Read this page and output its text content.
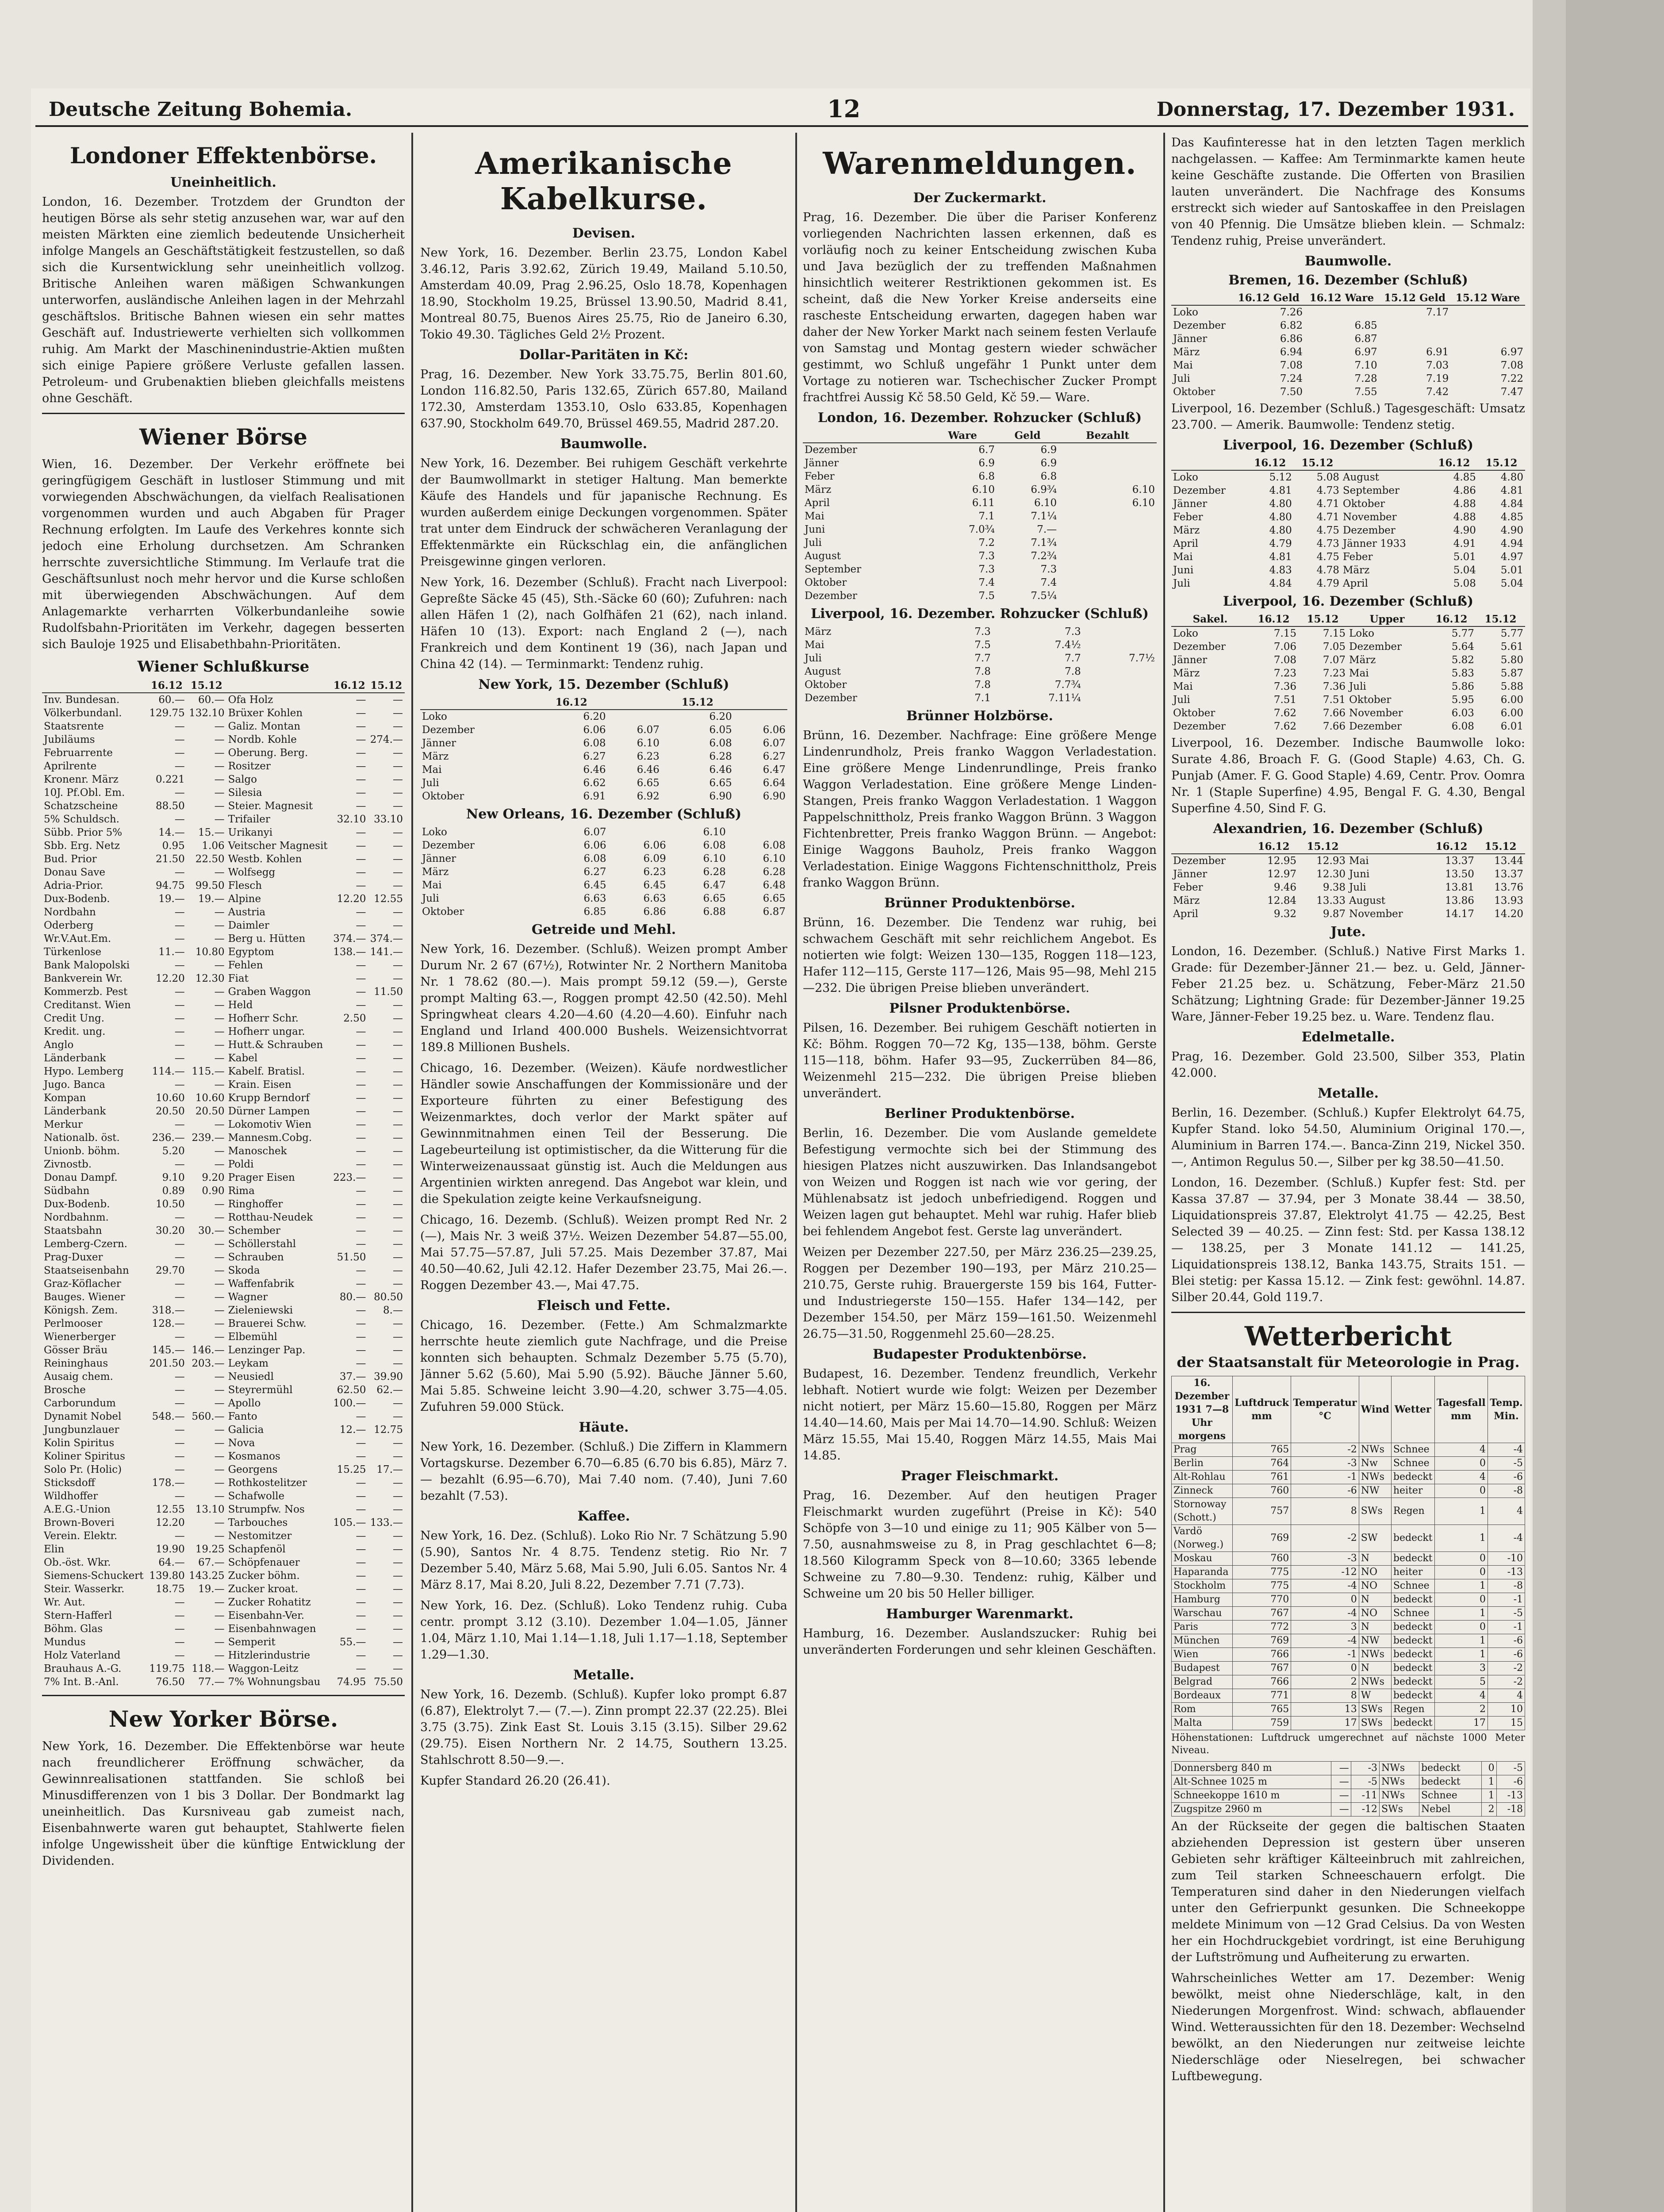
Deutsche Zeitung Bohemia.	12	Donnerstag, 17. Dezember 1931.
Londoner Effektenbörse.
Uneinheitlich.
London, 16. Dezember. Trotzdem der Grundton der heutigen Börse als sehr stetig anzusehen war, war auf den meisten Märkten eine ziemlich bedeutende Unsicherheit infolge Mangels an Geschäftstätigkeit festzustellen, so daß sich die Kursentwicklung sehr uneinheitlich vollzog. Britische Anleihen waren mäßigen Schwankungen unterworfen, ausländische Anleihen lagen in der Mehrzahl geschäftslos. Britische Bahnen wiesen ein sehr mattes Geschäft auf. Industriewerte verhielten sich vollkommen ruhig. Am Markt der Maschinenindustrie-Aktien mußten sich einige Papiere größere Verluste gefallen lassen. Petroleum- und Grubenaktien blieben gleichfalls meistens ohne Geschäft.
Wiener Börse
Wien, 16. Dezember. Der Verkehr eröffnete bei geringfügigem Geschäft in lustloser Stimmung und mit vorwiegenden Abschwächungen, da vielfach Realisationen vorgenommen wurden und auch Abgaben für Prager Rechnung erfolgten. Im Laufe des Verkehres konnte sich jedoch eine Erholung durchsetzen. Am Schranken herrschte zuversichtliche Stimmung. Im Verlaufe trat die Geschäftsunlust noch mehr hervor und die Kurse schloßen mit überwiegenden Abschwächungen. Auf dem Anlagemarkte verharrten Völkerbundanleihe sowie Rudolfsbahn-Prioritäten im Verkehr, dagegen besserten sich Bauloje 1925 und Elisabethbahn-Prioritäten.
Wiener Schlußkurse
	16.12	15.12		16.12	15.12
Inv. Bundesan.	60.—	60.—	Ofa Holz	—	—
Völkerbundanl.	129.75	132.10	Brüxer Kohlen	—	—
Staatsrente	—	—	Galiz. Montan	—	—
Jubiläums	—	—	Nordb. Kohle	—	274.—
Februarrente	—	—	Oberung. Berg.	—	—
Aprilrente	—	—	Rositzer	—	—
Kronenr. März	0.221	—	Salgo	—	—
10J. Pf.Obl. Em.	—	—	Silesia	—	—
Schatzscheine	88.50	—	Steier. Magnesit	—	—
5% Schuldsch.	—	—	Trifailer	32.10	33.10
Sübb. Prior 5%	14.—	15.—	Urikanyi	—	—
Sbb. Erg. Netz	0.95	1.06	Veitscher Magnesit	—	—
Bud. Prior	21.50	22.50	Westb. Kohlen	—	—
Donau Save	—	—	Wolfsegg	—	—
Adria-Prior.	94.75	99.50	Flesch	—	—
Dux-Bodenb.	19.—	19.—	Alpine	12.20	12.55
Nordbahn	—	—	Austria	—	—
Oderberg	—	—	Daimler	—	—
Wr.V.Aut.Em.	—	—	Berg u. Hütten	374.—	374.—
Türkenlose	11.—	10.80	Egyptom	138.—	141.—
Bank Malopolski	—	—	Fehlen	—	—
Bankverein Wr.	12.20	12.30	Fiat	—	—
Kommerzb. Pest	—	—	Graben Waggon	—	11.50
Creditanst. Wien	—	—	Held	—	—
Credit Ung.	—	—	Hofherr Schr.	2.50	—
Kredit. ung.	—	—	Hofherr ungar.	—	—
Anglo	—	—	Hutt.& Schrauben	—	—
Länderbank	—	—	Kabel	—	—
Hypo. Lemberg	114.—	115.—	Kabelf. Bratisl.	—	—
Jugo. Banca	—	—	Krain. Eisen	—	—
Kompan	10.60	10.60	Krupp Berndorf	—	—
Länderbank	20.50	20.50	Dürner Lampen	—	—
Merkur	—	—	Lokomotiv Wien	—	—
Nationalb. öst.	236.—	239.—	Mannesm.Cobg.	—	—
Unionb. böhm.	5.20	—	Manoschek	—	—
Zivnostb.	—	—	Poldi	—	—
Donau Dampf.	9.10	9.20	Prager Eisen	223.—	—
Südbahn	0.89	0.90	Rima	—	—
Dux-Bodenb.	10.50	—	Ringhoffer	—	—
Nordbahnm.	—	—	Rotthau-Neudek	—	—
Staatsbahn	30.20	30.—	Schember	—	—
Lemberg-Czern.	—	—	Schöllerstahl	—	—
Prag-Duxer	—	—	Schrauben	51.50	—
Staatseisenbahn	29.70	—	Skoda	—	—
Graz-Köflacher	—	—	Waffenfabrik	—	—
Bauges. Wiener	—	—	Wagner	80.—	80.50
Königsh. Zem.	318.—	—	Zieleniewski	—	8.—
Perlmooser	128.—	—	Brauerei Schw.	—	—
Wienerberger	—	—	Elbemühl	—	—
Gösser Bräu	145.—	146.—	Lenzinger Pap.	—	—
Reininghaus	201.50	203.—	Leykam	—	—
Ausaig chem.	—	—	Neusiedl	37.—	39.90
Brosche	—	—	Steyrermühl	62.50	62.—
Carborundum	—	—	Apollo	100.—	—
Dynamit Nobel	548.—	560.—	Fanto	—	—
Jungbunzlauer	—	—	Galicia	12.—	12.75
Kolin Spiritus	—	—	Nova	—	—
Koliner Spiritus	—	—	Kosmanos	—	—
Solo Pr. (Holic)	—	—	Georgens	15.25	17.—
Sticksdoff	178.—	—	Rothkostelitzer	—	—
Wildhoffer	—	—	Schafwolle	—	—
A.E.G.-Union	12.55	13.10	Strumpfw. Nos	—	—
Brown-Boveri	12.20	—	Tarbouches	105.—	133.—
Verein. Elektr.	—	—	Nestomitzer	—	—
Elin	19.90	19.25	Schapfenöl	—	—
Ob.-öst. Wkr.	64.—	67.—	Schöpfenauer	—	—
Siemens-Schuckert	139.80	143.25	Zucker böhm.	—	—
Steir. Wasserkr.	18.75	19.—	Zucker kroat.	—	—
Wr. Aut.	—	—	Zucker Rohatitz	—	—
Stern-Hafferl	—	—	Eisenbahn-Ver.	—	—
Böhm. Glas	—	—	Eisenbahnwagen	—	—
Mundus	—	—	Semperit	55.—	—
Holz Vaterland	—	—	Hitzlerindustrie	—	—
Brauhaus A.-G.	119.75	118.—	Waggon-Leitz	—	—
7% Int. B.-Anl.	76.50	77.—	7% Wohnungsbau	74.95	75.50
New Yorker Börse.
New York, 16. Dezember. Die Effektenbörse war heute nach freundlicherer Eröffnung schwächer, da Gewinnrealisationen stattfanden. Sie schloß bei Minusdifferenzen von 1 bis 3 Dollar. Der Bondmarkt lag uneinheitlich. Das Kursniveau gab zumeist nach, Eisenbahnwerte waren gut behauptet, Stahlwerte fielen infolge Ungewissheit über die künftige Entwicklung der Dividenden.
Amerikanische Kabelkurse.
Devisen.
New York, 16. Dezember. Berlin 23.75, London Kabel 3.46.12, Paris 3.92.62, Zürich 19.49, Mailand 5.10.50, Amsterdam 40.09, Prag 2.96.25, Oslo 18.78, Kopenhagen 18.90, Stockholm 19.25, Brüssel 13.90.50, Madrid 8.41, Montreal 80.75, Buenos Aires 25.75, Rio de Janeiro 6.30, Tokio 49.30. Tägliches Geld 2½ Prozent.
Dollar-Paritäten in Kč:
Prag, 16. Dezember. New York 33.75.75, Berlin 801.60, London 116.82.50, Paris 132.65, Zürich 657.80, Mailand 172.30, Amsterdam 1353.10, Oslo 633.85, Kopenhagen 637.90, Stockholm 649.70, Brüssel 469.55, Madrid 287.20.
Baumwolle.
New York, 16. Dezember. Bei ruhigem Geschäft verkehrte der Baumwollmarkt in stetiger Haltung. Man bemerkte Käufe des Handels und für japanische Rechnung. Es wurden außerdem einige Deckungen vorgenommen. Später trat unter dem Eindruck der schwächeren Veranlagung der Effektenmärkte ein Rückschlag ein, die anfänglichen Preisgewinne gingen verloren.
New York, 16. Dezember (Schluß). Fracht nach Liverpool: Gepreßte Säcke 45 (45), Sth.-Säcke 60 (60); Zufuhren: nach allen Häfen 1 (2), nach Golfhäfen 21 (62), nach inland. Häfen 10 (13). Export: nach England 2 (—), nach Frankreich und dem Kontinent 19 (36), nach Japan und China 42 (14). — Terminmarkt: Tendenz ruhig.
New York, 15. Dezember (Schluß)
	16.12		15.12	
Loko	6.20		6.20	
Dezember	6.06	6.07	6.05	6.06
Jänner	6.08	6.10	6.08	6.07
März	6.27	6.23	6.28	6.27
Mai	6.46	6.46	6.46	6.47
Juli	6.62	6.65	6.65	6.64
Oktober	6.91	6.92	6.90	6.90
New Orleans, 16. Dezember (Schluß)
Loko	6.07		6.10	
Dezember	6.06	6.06	6.08	6.08
Jänner	6.08	6.09	6.10	6.10
März	6.27	6.23	6.28	6.28
Mai	6.45	6.45	6.47	6.48
Juli	6.63	6.63	6.65	6.65
Oktober	6.85	6.86	6.88	6.87
Getreide und Mehl.
New York, 16. Dezember. (Schluß). Weizen prompt Amber Durum Nr. 2 67 (67½), Rotwinter Nr. 2 Northern Manitoba Nr. 1 78.62 (80.—). Mais prompt 59.12 (59.—), Gerste prompt Malting 63.—, Roggen prompt 42.50 (42.50). Mehl Springwheat clears 4.20—4.60 (4.20—4.60). Einfuhr nach England und Irland 400.000 Bushels. Weizensichtvorrat 189.8 Millionen Bushels.
Chicago, 16. Dezember. (Weizen). Käufe nordwestlicher Händler sowie Anschaffungen der Kommissionäre und der Exporteure führten zu einer Befestigung des Weizenmarktes, doch verlor der Markt später auf Gewinnmitnahmen einen Teil der Besserung. Die Lagebeurteilung ist optimistischer, da die Witterung für die Winterweizenaussaat günstig ist. Auch die Meldungen aus Argentinien wirkten anregend. Das Angebot war klein, und die Spekulation zeigte keine Verkaufsneigung.
Chicago, 16. Dezemb. (Schluß). Weizen prompt Red Nr. 2 (—), Mais Nr. 3 weiß 37½. Weizen Dezember 54.87—55.00, Mai 57.75—57.87, Juli 57.25. Mais Dezember 37.87, Mai 40.50—40.62, Juli 42.12. Hafer Dezember 23.75, Mai 26.—. Roggen Dezember 43.—, Mai 47.75.
Fleisch und Fette.
Chicago, 16. Dezember. (Fette.) Am Schmalzmarkte herrschte heute ziemlich gute Nachfrage, und die Preise konnten sich behaupten. Schmalz Dezember 5.75 (5.70), Jänner 5.62 (5.60), Mai 5.90 (5.92). Bäuche Jänner 5.60, Mai 5.85. Schweine leicht 3.90—4.20, schwer 3.75—4.05. Zufuhren 59.000 Stück.
Häute.
New York, 16. Dezember. (Schluß.) Die Ziffern in Klammern Vortagskurse. Dezember 6.70—6.85 (6.70 bis 6.85), März 7.— bezahlt (6.95—6.70), Mai 7.40 nom. (7.40), Juni 7.60 bezahlt (7.53).
Kaffee.
New York, 16. Dez. (Schluß). Loko Rio Nr. 7 Schätzung 5.90 (5.90), Santos Nr. 4 8.75. Tendenz stetig. Rio Nr. 7 Dezember 5.40, März 5.68, Mai 5.90, Juli 6.05. Santos Nr. 4 März 8.17, Mai 8.20, Juli 8.22, Dezember 7.71 (7.73).
New York, 16. Dez. (Schluß). Loko Tendenz ruhig. Cuba centr. prompt 3.12 (3.10). Dezember 1.04—1.05, Jänner 1.04, März 1.10, Mai 1.14—1.18, Juli 1.17—1.18, September 1.29—1.30.
Metalle.
New York, 16. Dezemb. (Schluß). Kupfer loko prompt 6.87 (6.87), Elektrolyt 7.— (7.—). Zinn prompt 22.37 (22.25). Blei 3.75 (3.75). Zink East St. Louis 3.15 (3.15). Silber 29.62 (29.75). Eisen Northern Nr. 2 14.75, Southern 13.25. Stahlschrott 8.50—9.—.
Kupfer Standard 26.20 (26.41).
Warenmeldungen.
Der Zuckermarkt.
Prag, 16. Dezember. Die über die Pariser Konferenz vorliegenden Nachrichten lassen erkennen, daß es vorläufig noch zu keiner Entscheidung zwischen Kuba und Java bezüglich der zu treffenden Maßnahmen hinsichtlich weiterer Restriktionen gekommen ist. Es scheint, daß die New Yorker Kreise anderseits eine rascheste Entscheidung erwarten, dagegen haben war daher der New Yorker Markt nach seinem festen Verlaufe von Samstag und Montag gestern wieder schwächer gestimmt, wo Schluß ungefähr 1 Punkt unter dem Vortage zu notieren war. Tschechischer Zucker Prompt frachtfrei Aussig Kč 58.50 Geld, Kč 59.— Ware.
London, 16. Dezember. Rohzucker (Schluß)
	Ware	Geld	Bezahlt
Dezember	6.7	6.9	
Jänner	6.9	6.9	
Feber	6.8	6.8	
März	6.10	6.9¾	6.10
April	6.11	6.10	6.10
Mai	7.1	7.1¼	
Juni	7.0¾	7.—	
Juli	7.2	7.1¾	
August	7.3	7.2¾	
September	7.3	7.3	
Oktober	7.4	7.4	
Dezember	7.5	7.5¼	
Liverpool, 16. Dezember. Rohzucker (Schluß)
März	7.3	7.3	
Mai	7.5	7.4½	
Juli	7.7	7.7	7.7½
August	7.8	7.8	
Oktober	7.8	7.7¾	
Dezember	7.1	7.11¼	
Brünner Holzbörse.
Brünn, 16. Dezember. Nachfrage: Eine größere Menge Lindenrundholz, Preis franko Waggon Verladestation. Eine größere Menge Lindenrundlinge, Preis franko Waggon Verladestation. Eine größere Menge Linden-Stangen, Preis franko Waggon Verladestation. 1 Waggon Pappelschnittholz, Preis franko Waggon Brünn. 3 Waggon Fichtenbretter, Preis franko Waggon Brünn. — Angebot: Einige Waggons Bauholz, Preis franko Waggon Verladestation. Einige Waggons Fichtenschnittholz, Preis franko Waggon Brünn.
Brünner Produktenbörse.
Brünn, 16. Dezember. Die Tendenz war ruhig, bei schwachem Geschäft mit sehr reichlichem Angebot. Es notierten wie folgt: Weizen 130—135, Roggen 118—123, Hafer 112—115, Gerste 117—126, Mais 95—98, Mehl 215—232. Die übrigen Preise blieben unverändert.
Pilsner Produktenbörse.
Pilsen, 16. Dezember. Bei ruhigem Geschäft notierten in Kč: Böhm. Roggen 70—72 Kg, 135—138, böhm. Gerste 115—118, böhm. Hafer 93—95, Zuckerrüben 84—86, Weizenmehl 215—232. Die übrigen Preise blieben unverändert.
Berliner Produktenbörse.
Berlin, 16. Dezember. Die vom Auslande gemeldete Befestigung vermochte sich bei der Stimmung des hiesigen Platzes nicht auszuwirken. Das Inlandsangebot von Weizen und Roggen ist nach wie vor gering, der Mühlenabsatz ist jedoch unbefriedigend. Roggen und Weizen lagen gut behauptet. Mehl war ruhig. Hafer blieb bei fehlendem Angebot fest. Gerste lag unverändert.
Weizen per Dezember 227.50, per März 236.25—239.25, Roggen per Dezember 190—193, per März 210.25—210.75, Gerste ruhig. Brauergerste 159 bis 164, Futter- und Industriegerste 150—155. Hafer 134—142, per Dezember 154.50, per März 159—161.50. Weizenmehl 26.75—31.50, Roggenmehl 25.60—28.25.
Budapester Produktenbörse.
Budapest, 16. Dezember. Tendenz freundlich, Verkehr lebhaft. Notiert wurde wie folgt: Weizen per Dezember nicht notiert, per März 15.60—15.80, Roggen per März 14.40—14.60, Mais per Mai 14.70—14.90. Schluß: Weizen März 15.55, Mai 15.40, Roggen März 14.55, Mais Mai 14.85.
Prager Fleischmarkt.
Prag, 16. Dezember. Auf den heutigen Prager Fleischmarkt wurden zugeführt (Preise in Kč): 540 Schöpfe von 3—10 und einige zu 11; 905 Kälber von 5—7.50, ausnahmsweise zu 8, in Prag geschlachtet 6—8; 18.560 Kilogramm Speck von 8—10.60; 3365 lebende Schweine zu 7.80—9.30. Tendenz: ruhig, Kälber und Schweine um 20 bis 50 Heller billiger.
Hamburger Warenmarkt.
Hamburg, 16. Dezember. Auslandszucker: Ruhig bei unveränderten Forderungen und sehr kleinen Geschäften.
Das Kaufinteresse hat in den letzten Tagen merklich nachgelassen. — Kaffee: Am Terminmarkte kamen heute keine Geschäfte zustande. Die Offerten von Brasilien lauten unverändert. Die Nachfrage des Konsums erstreckt sich wieder auf Santoskaffee in den Preislagen von 40 Pfennig. Die Umsätze blieben klein. — Schmalz: Tendenz ruhig, Preise unverändert.
Baumwolle.
Bremen, 16. Dezember (Schluß)
	16.12 Geld	16.12 Ware	15.12 Geld	15.12 Ware
Loko	7.26		7.17	
Dezember	6.82	6.85		
Jänner	6.86	6.87		
März	6.94	6.97	6.91	6.97
Mai	7.08	7.10	7.03	7.08
Juli	7.24	7.28	7.19	7.22
Oktober	7.50	7.55	7.42	7.47
Liverpool, 16. Dezember (Schluß.) Tagesgeschäft: Umsatz 23.700. — Amerik. Baumwolle: Tendenz stetig.
Liverpool, 16. Dezember (Schluß)
	16.12	15.12		16.12	15.12
Loko	5.12	5.08	August	4.85	4.80
Dezember	4.81	4.73	September	4.86	4.81
Jänner	4.80	4.71	Oktober	4.88	4.84
Feber	4.80	4.71	November	4.88	4.85
März	4.80	4.75	Dezember	4.90	4.90
April	4.79	4.73	Jänner 1933	4.91	4.94
Mai	4.81	4.75	Feber	5.01	4.97
Juni	4.83	4.78	März	5.04	5.01
Juli	4.84	4.79	April	5.08	5.04
Liverpool, 16. Dezember (Schluß)
Sakel.	16.12	15.12	Upper	16.12	15.12
Loko	7.15	7.15	Loko	5.77	5.77
Dezember	7.06	7.05	Dezember	5.64	5.61
Jänner	7.08	7.07	März	5.82	5.80
März	7.23	7.23	Mai	5.83	5.87
Mai	7.36	7.36	Juli	5.86	5.88
Juli	7.51	7.51	Oktober	5.95	6.00
Oktober	7.62	7.66	November	6.03	6.00
Dezember	7.62	7.66	Dezember	6.08	6.01
Liverpool, 16. Dezember. Indische Baumwolle loko: Surate 4.86, Broach F. G. (Good Staple) 4.63, Ch. G. Punjab (Amer. F. G. Good Staple) 4.69, Centr. Prov. Oomra Nr. 1 (Staple Superfine) 4.95, Bengal F. G. 4.30, Bengal Superfine 4.50, Sind F. G.
Alexandrien, 16. Dezember (Schluß)
	16.12	15.12		16.12	15.12
Dezember	12.95	12.93	Mai	13.37	13.44
Jänner	12.97	12.30	Juni	13.50	13.37
Feber	9.46	9.38	Juli	13.81	13.76
März	12.84	13.33	August	13.86	13.93
April	9.32	9.87	November	14.17	14.20
Jute.
London, 16. Dezember. (Schluß.) Native First Marks 1. Grade: für Dezember-Jänner 21.— bez. u. Geld, Jänner-Feber 21.25 bez. u. Schätzung, Feber-März 21.50 Schätzung; Lightning Grade: für Dezember-Jänner 19.25 Ware, Jänner-Feber 19.25 bez. u. Ware. Tendenz flau.
Edelmetalle.
Prag, 16. Dezember. Gold 23.500, Silber 353, Platin 42.000.
Metalle.
Berlin, 16. Dezember. (Schluß.) Kupfer Elektrolyt 64.75, Kupfer Stand. loko 54.50, Aluminium Original 170.—, Aluminium in Barren 174.—. Banca-Zinn 219, Nickel 350.—, Antimon Regulus 50.—, Silber per kg 38.50—41.50.
London, 16. Dezember. (Schluß.) Kupfer fest: Std. per Kassa 37.87 — 37.94, per 3 Monate 38.44 — 38.50, Liquidationspreis 37.87, Elektrolyt 41.75 — 42.25, Best Selected 39 — 40.25. — Zinn fest: Std. per Kassa 138.12 — 138.25, per 3 Monate 141.12 — 141.25, Liquidationspreis 138.12, Banka 143.75, Straits 151. — Blei stetig: per Kassa 15.12. — Zink fest: gewöhnl. 14.87. Silber 20.44, Gold 119.7.
Wetterbericht
der Staatsanstalt für Meteorologie in Prag.
16. Dezember 1931 7—8 Uhr morgens	Luftdruck mm	Temperatur °C	Wind	Wetter	Tagesfall mm	Temp. Min.
Prag	765	-2	NWs	Schnee	4	-4
Berlin	764	-3	Nw	Schnee	0	-5
Alt-Rohlau	761	-1	NWs	bedeckt	4	-6
Zinneck	760	-6	NW	heiter	0	-8
Stornoway (Schott.)	757	8	SWs	Regen	1	4
Vardö (Norweg.)	769	-2	SW	bedeckt	1	-4
Moskau	760	-3	N	bedeckt	0	-10
Haparanda	775	-12	NO	heiter	0	-13
Stockholm	775	-4	NO	Schnee	1	-8
Hamburg	770	0	N	bedeckt	0	-1
Warschau	767	-4	NO	Schnee	1	-5
Paris	772	3	N	bedeckt	0	-1
München	769	-4	NW	bedeckt	1	-6
Wien	766	-1	NWs	bedeckt	1	-6
Budapest	767	0	N	bedeckt	3	-2
Belgrad	766	2	NWs	bedeckt	5	-2
Bordeaux	771	8	W	bedeckt	4	4
Rom	765	13	SWs	Regen	2	10
Malta	759	17	SWs	bedeckt	17	15
Höhenstationen: Luftdruck umgerechnet auf nächste 1000 Meter Niveau.
Donnersberg 840 m	—	-3	NWs	bedeckt	0	-5
Alt-Schnee 1025 m	—	-5	NWs	bedeckt	1	-6
Schneekoppe 1610 m	—	-11	NWs	Schnee	1	-13
Zugspitze 2960 m	—	-12	SWs	Nebel	2	-18
An der Rückseite der gegen die baltischen Staaten abziehenden Depression ist gestern über unseren Gebieten sehr kräftiger Kälteeinbruch mit zahlreichen, zum Teil starken Schneeschauern erfolgt. Die Temperaturen sind daher in den Niederungen vielfach unter den Gefrierpunkt gesunken. Die Schneekoppe meldete Minimum von —12 Grad Celsius. Da von Westen her ein Hochdruckgebiet vordringt, ist eine Beruhigung der Luftströmung und Aufheiterung zu erwarten.
Wahrscheinliches Wetter am 17. Dezember: Wenig bewölkt, meist ohne Niederschläge, kalt, in den Niederungen Morgenfrost. Wind: schwach, abflauender Wind. Wetteraussichten für den 18. Dezember: Wechselnd bewölkt, an den Niederungen nur zeitweise leichte Niederschläge oder Nieselregen, bei schwacher Luftbewegung.
